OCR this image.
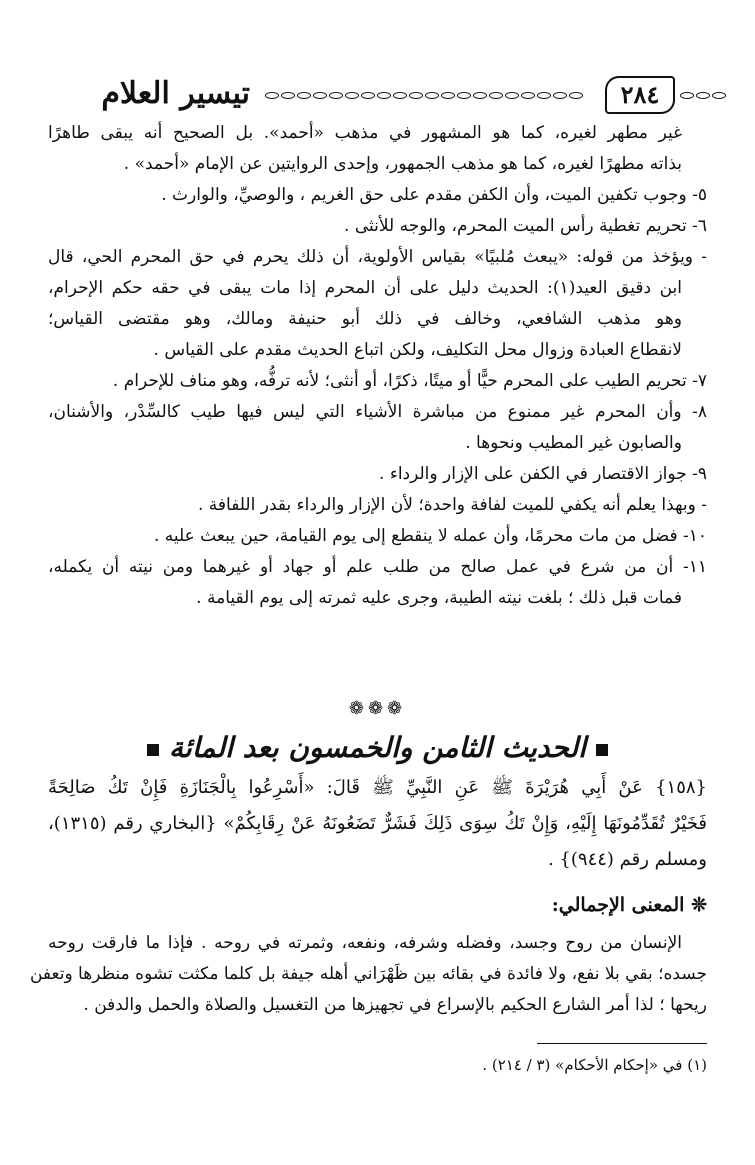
تيسير العلام	٢٨٤
غير مطهر لغيره، كما هو المشهور في مذهب «أحمد». بل الصحيح أنه يبقى طاهرًا
بذاته مطهرًا لغيره، كما هو مذهب الجمهور، وإحدى الروايتين عن الإمام «أحمد» .
٥- وجوب تكفين الميت، وأن الكفن مقدم على حق الغريم ، والوصيِّ، والوارث .
٦- تحريم تغطية رأس الميت المحرم، والوجه للأنثى .
- ويؤخذ من قوله: «يبعث مُلبيًا» بقياس الأولوية، أن ذلك يحرم في حق المحرم الحي، قال
ابن دقيق العيد(١): الحديث دليل على أن المحرم إذا مات يبقى في حقه حكم الإحرام،
وهو مذهب الشافعي، وخالف في ذلك أبو حنيفة ومالك، وهو مقتضى القياس؛
لانقطاع العبادة وزوال محل التكليف، ولكن اتباع الحديث مقدم على القياس .
٧- تحريم الطيب على المحرم حيًّا أو ميتًا، ذكرًا، أو أنثى؛ لأنه ترفُّه، وهو مناف للإحرام .
٨- وأن المحرم غير ممنوع من مباشرة الأشياء التي ليس فيها طيب كالسِّدْر، والأشنان،
والصابون غير المطيب ونحوها .
٩- جواز الاقتصار في الكفن على الإزار والرداء .
- وبهذا يعلم أنه يكفي للميت لفافة واحدة؛ لأن الإزار والرداء بقدر اللفافة .
١٠- فضل من مات محرمًا، وأن عمله لا ينقطع إلى يوم القيامة، حين يبعث عليه .
١١- أن من شرع في عمل صالح من طلب علم أو جهاد أو غيرهما ومن نيته أن يكمله،
فمات قبل ذلك ؛ بلغت نيته الطيبة، وجرى عليه ثمرته إلى يوم القيامة .
❁❁❁
الحديث الثامن والخمسون بعد المائة
{١٥٨} عَنْ أَبِي هُرَيْرَةَ ﷺ عَنِ النَّبِيِّ ﷺ قَالَ: «أَسْرِعُوا بِالْجَنَازَةِ فَإِنْ تَكُ صَالِحَةً
فَخَيْرٌ تُقَدِّمُونَهَا إِلَيْهِ، وَإِنْ تَكُ سِوَى ذَلِكَ فَشَرٌّ تَضَعُونَهُ عَنْ رِقَابِكُمْ» {البخاري رقم (١٣١٥)،
ومسلم رقم (٩٤٤)} .
❊ المعنى الإجمالي:
الإنسان من روح وجسد، وفضله وشرفه، ونفعه، وثمرته في روحه . فإذا ما فارقت روحه
جسده؛ بقي بلا نفع، ولا فائدة في بقائه بين ظَهْرَاني أهله جيفة بل كلما مكثت تشوه منظرها وتعفن
ريحها ؛ لذا أمر الشارع الحكيم بالإسراع في تجهيزها من التغسيل والصلاة والحمل والدفن .
(١) في «إحكام الأحكام» (٣ / ٢١٤) .
